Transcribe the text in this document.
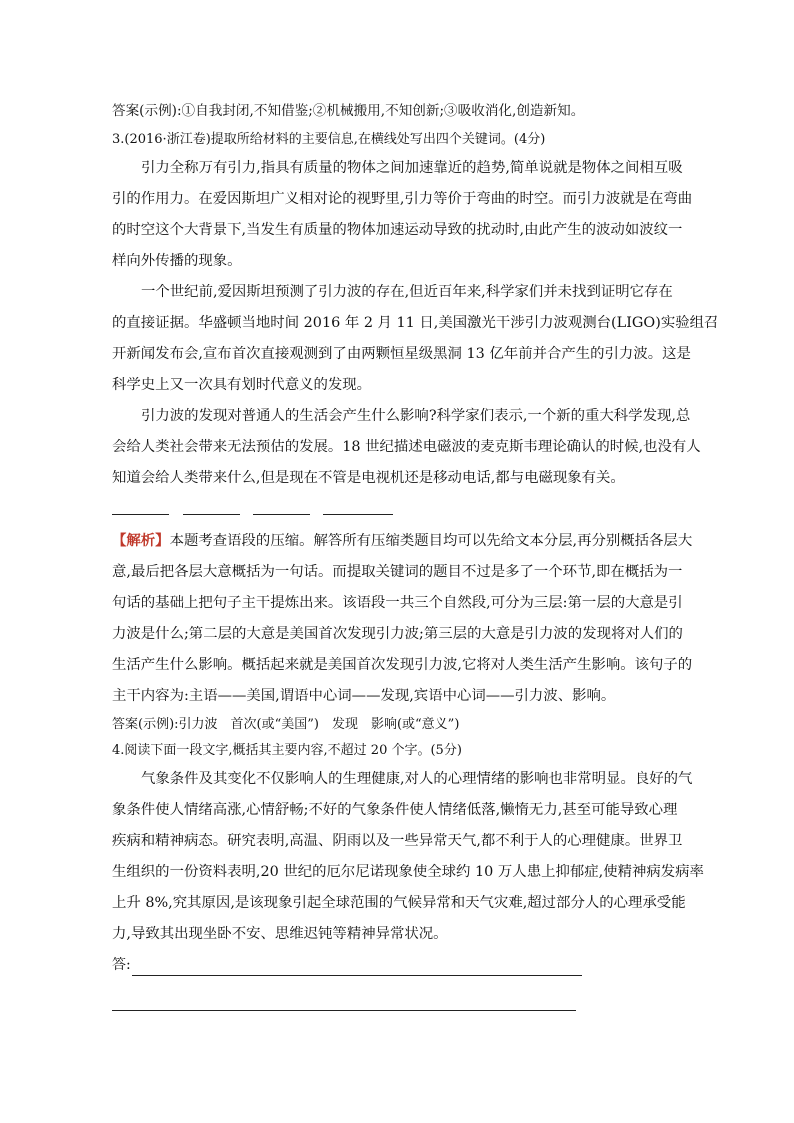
答案(示例):①自我封闭,不知借鉴;②机械搬用,不知创新;③吸收消化,创造新知。
3.(2016·浙江卷)提取所给材料的主要信息,在横线处写出四个关键词。(4分)
引力全称万有引力,指具有质量的物体之间加速靠近的趋势,简单说就是物体之间相互吸
引的作用力。在爱因斯坦广义相对论的视野里,引力等价于弯曲的时空。而引力波就是在弯曲
的时空这个大背景下,当发生有质量的物体加速运动导致的扰动时,由此产生的波动如波纹一
样向外传播的现象。
一个世纪前,爱因斯坦预测了引力波的存在,但近百年来,科学家们并未找到证明它存在
的直接证据。华盛顿当地时间 2016 年 2 月 11 日,美国激光干涉引力波观测台(LIGO)实验组召
开新闻发布会,宣布首次直接观测到了由两颗恒星级黑洞 13 亿年前并合产生的引力波。这是
科学史上又一次具有划时代意义的发现。
引力波的发现对普通人的生活会产生什么影响?科学家们表示,一个新的重大科学发现,总
会给人类社会带来无法预估的发展。18 世纪描述电磁波的麦克斯韦理论确认的时候,也没有人
知道会给人类带来什么,但是现在不管是电视机还是移动电话,都与电磁现象有关。
【解析】本题考查语段的压缩。解答所有压缩类题目均可以先给文本分层,再分别概括各层大
意,最后把各层大意概括为一句话。而提取关键词的题目不过是多了一个环节,即在概括为一
句话的基础上把句子主干提炼出来。该语段一共三个自然段,可分为三层:第一层的大意是引
力波是什么;第二层的大意是美国首次发现引力波;第三层的大意是引力波的发现将对人们的
生活产生什么影响。概括起来就是美国首次发现引力波,它将对人类生活产生影响。该句子的
主干内容为:主语——美国,谓语中心词——发现,宾语中心词——引力波、影响。
答案(示例):引力波　首次(或“美国”)　发现　影响(或“意义”)
4.阅读下面一段文字,概括其主要内容,不超过 20 个字。(5分)
气象条件及其变化不仅影响人的生理健康,对人的心理情绪的影响也非常明显。良好的气
象条件使人情绪高涨,心情舒畅;不好的气象条件使人情绪低落,懒惰无力,甚至可能导致心理
疾病和精神病态。研究表明,高温、阴雨以及一些异常天气,都不利于人的心理健康。世界卫
生组织的一份资料表明,20 世纪的厄尔尼诺现象使全球约 10 万人患上抑郁症,使精神病发病率
上升 8%,究其原因,是该现象引起全球范围的气候异常和天气灾难,超过部分人的心理承受能
力,导致其出现坐卧不安、思维迟钝等精神异常状况。
答:
